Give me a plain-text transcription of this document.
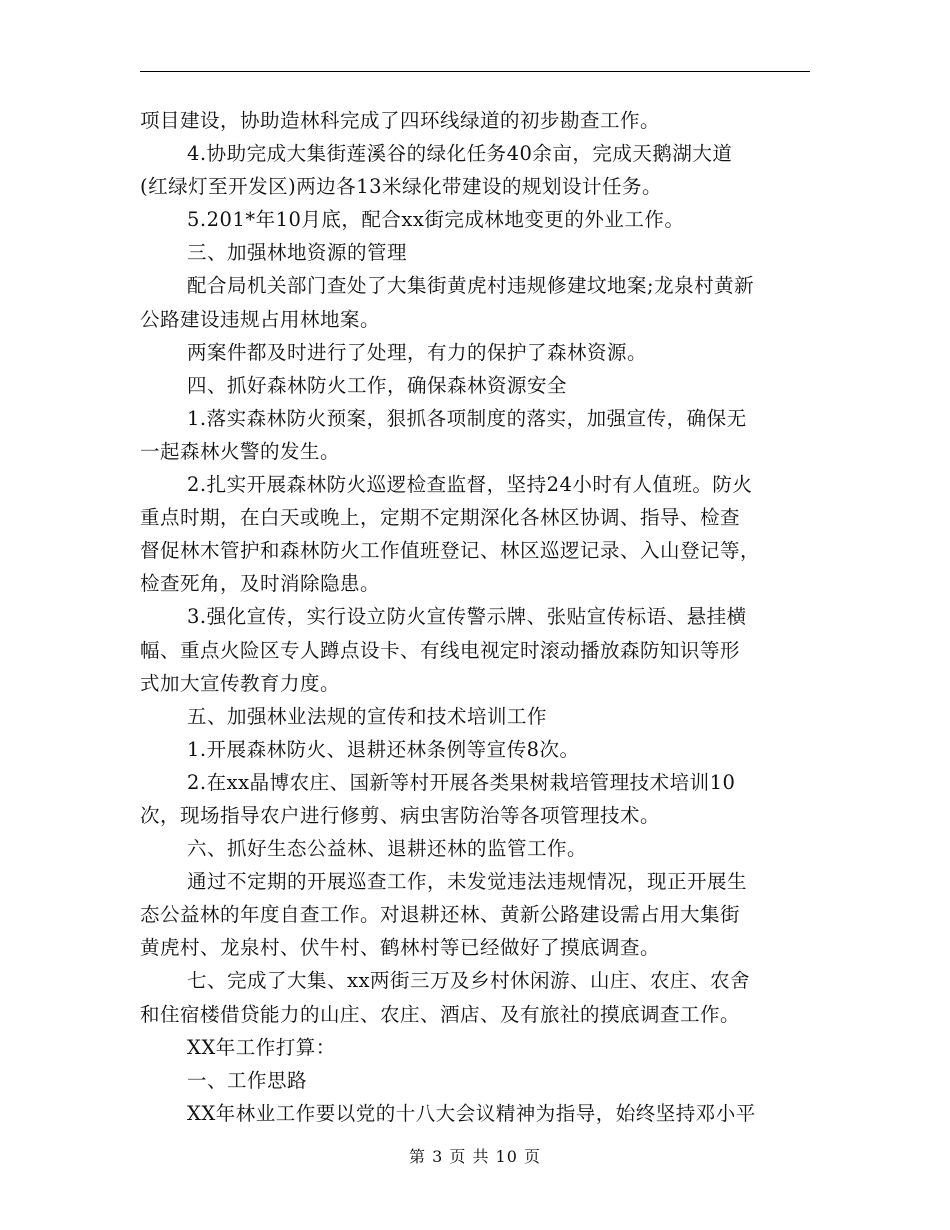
项目建设，协助造林科完成了四环线绿道的初步勘查工作。
4.协助完成大集街莲溪谷的绿化任务40余亩，完成天鹅湖大道
(红绿灯至开发区)两边各13米绿化带建设的规划设计任务。
5.201*年10月底，配合xx街完成林地变更的外业工作。
三、加强林地资源的管理
配合局机关部门查处了大集街黄虎村违规修建坟地案;龙泉村黄新
公路建设违规占用林地案。
两案件都及时进行了处理，有力的保护了森林资源。
四、抓好森林防火工作，确保森林资源安全
1.落实森林防火预案，狠抓各项制度的落实，加强宣传，确保无
一起森林火警的发生。
2.扎实开展森林防火巡逻检查监督，坚持24小时有人值班。防火
重点时期，在白天或晚上，定期不定期深化各林区协调、指导、检查
督促林木管护和森林防火工作值班登记、林区巡逻记录、入山登记等，
检查死角，及时消除隐患。
3.强化宣传，实行设立防火宣传警示牌、张贴宣传标语、悬挂横
幅、重点火险区专人蹲点设卡、有线电视定时滚动播放森防知识等形
式加大宣传教育力度。
五、加强林业法规的宣传和技术培训工作
1.开展森林防火、退耕还林条例等宣传8次。
2.在xx晶博农庄、国新等村开展各类果树栽培管理技术培训10
次，现场指导农户进行修剪、病虫害防治等各项管理技术。
六、抓好生态公益林、退耕还林的监管工作。
通过不定期的开展巡查工作，未发觉违法违规情况，现正开展生
态公益林的年度自查工作。对退耕还林、黄新公路建设需占用大集街
黄虎村、龙泉村、伏牛村、鹤林村等已经做好了摸底调查。
七、完成了大集、xx两街三万及乡村休闲游、山庄、农庄、农舍
和住宿楼借贷能力的山庄、农庄、酒店、及有旅社的摸底调查工作。
XX年工作打算：
一、工作思路
XX年林业工作要以党的十八大会议精神为指导，始终坚持邓小平
第 3 页 共 10 页
